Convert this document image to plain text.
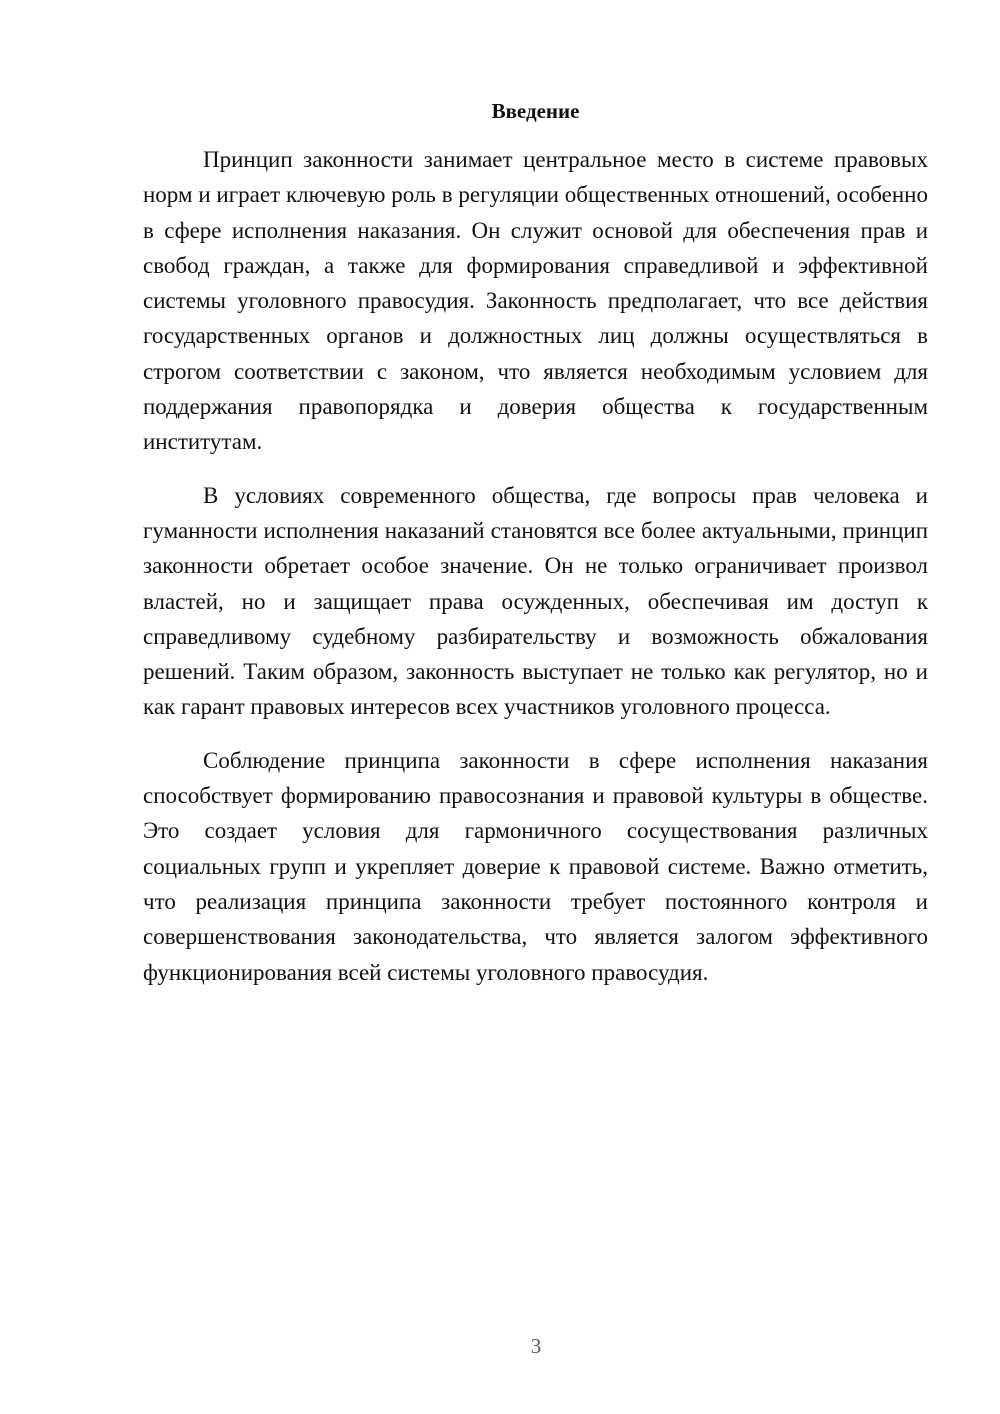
Введение

Принцип законности занимает центральное место в системе правовых норм и играет ключевую роль в регуляции общественных отношений, особенно в сфере исполнения наказания. Он служит основой для обеспечения прав и свобод граждан, а также для формирования справедливой и эффективной системы уголовного правосудия. Законность предполагает, что все действия государственных органов и должностных лиц должны осуществляться в строгом соответствии с законом, что является необходимым условием для поддержания правопорядка и доверия общества к государственным институтам.

В условиях современного общества, где вопросы прав человека и гуманности исполнения наказаний становятся все более актуальными, принцип законности обретает особое значение. Он не только ограничивает произвол властей, но и защищает права осужденных, обеспечивая им доступ к справедливому судебному разбирательству и возможность обжалования решений. Таким образом, законность выступает не только как регулятор, но и как гарант правовых интересов всех участников уголовного процесса.

Соблюдение принципа законности в сфере исполнения наказания способствует формированию правосознания и правовой культуры в обществе. Это создает условия для гармоничного сосуществования различных социальных групп и укрепляет доверие к правовой системе. Важно отметить, что реализация принципа законности требует постоянного контроля и совершенствования законодательства, что является залогом эффективного функционирования всей системы уголовного правосудия.

3
